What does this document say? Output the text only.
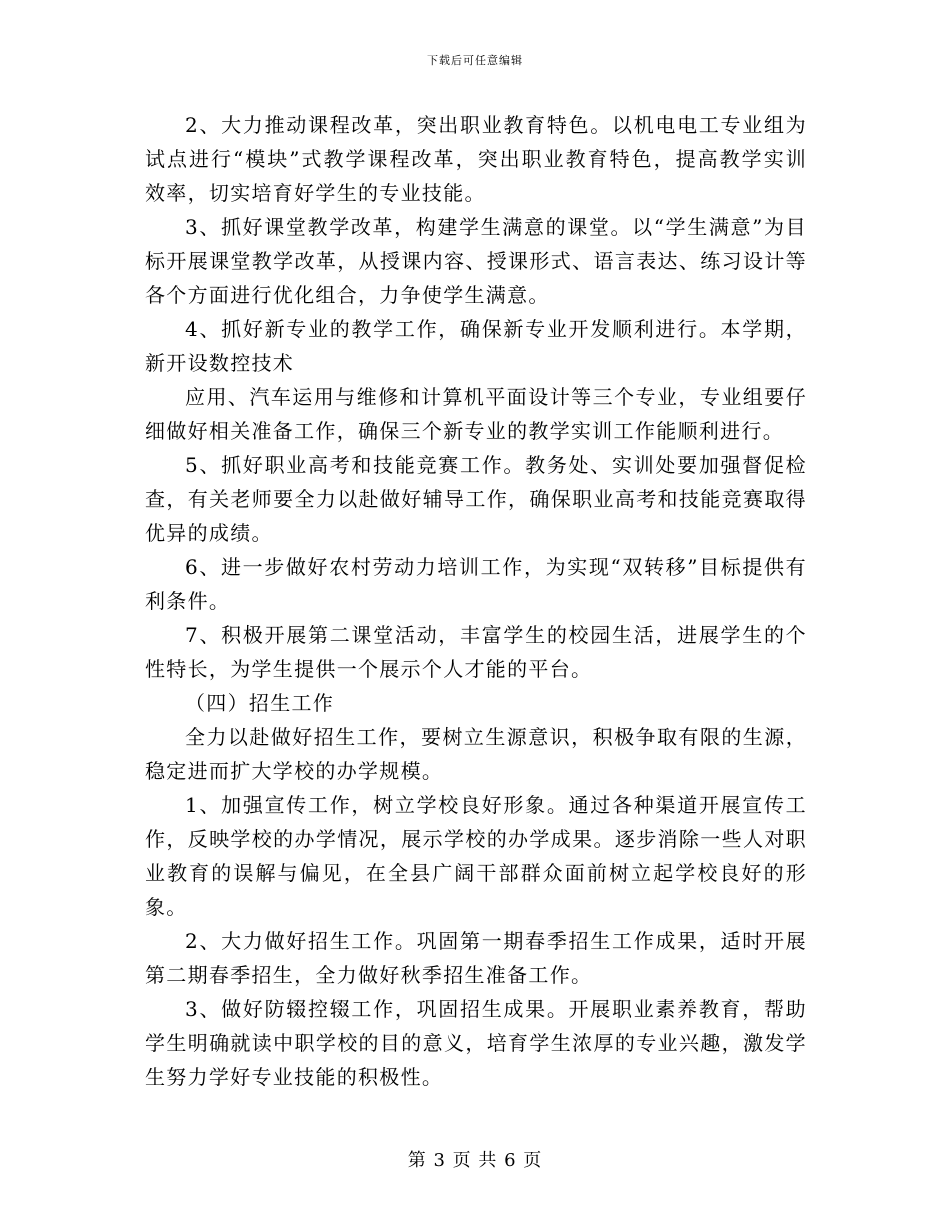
下载后可任意编辑

2、大力推动课程改革，突出职业教育特色。以机电电工专业组为试点进行“模块”式教学课程改革，突出职业教育特色，提高教学实训效率，切实培育好学生的专业技能。

3、抓好课堂教学改革，构建学生满意的课堂。以“学生满意”为目标开展课堂教学改革，从授课内容、授课形式、语言表达、练习设计等各个方面进行优化组合，力争使学生满意。

4、抓好新专业的教学工作，确保新专业开发顺利进行。本学期，新开设数控技术

应用、汽车运用与维修和计算机平面设计等三个专业，专业组要仔细做好相关准备工作，确保三个新专业的教学实训工作能顺利进行。

5、抓好职业高考和技能竞赛工作。教务处、实训处要加强督促检查，有关老师要全力以赴做好辅导工作，确保职业高考和技能竞赛取得优异的成绩。

6、进一步做好农村劳动力培训工作，为实现“双转移”目标提供有利条件。

7、积极开展第二课堂活动，丰富学生的校园生活，进展学生的个性特长，为学生提供一个展示个人才能的平台。

（四）招生工作

全力以赴做好招生工作，要树立生源意识，积极争取有限的生源，稳定进而扩大学校的办学规模。

1、加强宣传工作，树立学校良好形象。通过各种渠道开展宣传工作，反映学校的办学情况，展示学校的办学成果。逐步消除一些人对职业教育的误解与偏见，在全县广阔干部群众面前树立起学校良好的形象。

2、大力做好招生工作。巩固第一期春季招生工作成果，适时开展第二期春季招生，全力做好秋季招生准备工作。

3、做好防辍控辍工作，巩固招生成果。开展职业素养教育，帮助学生明确就读中职学校的目的意义，培育学生浓厚的专业兴趣，激发学生努力学好专业技能的积极性。

第 3 页 共 6 页
